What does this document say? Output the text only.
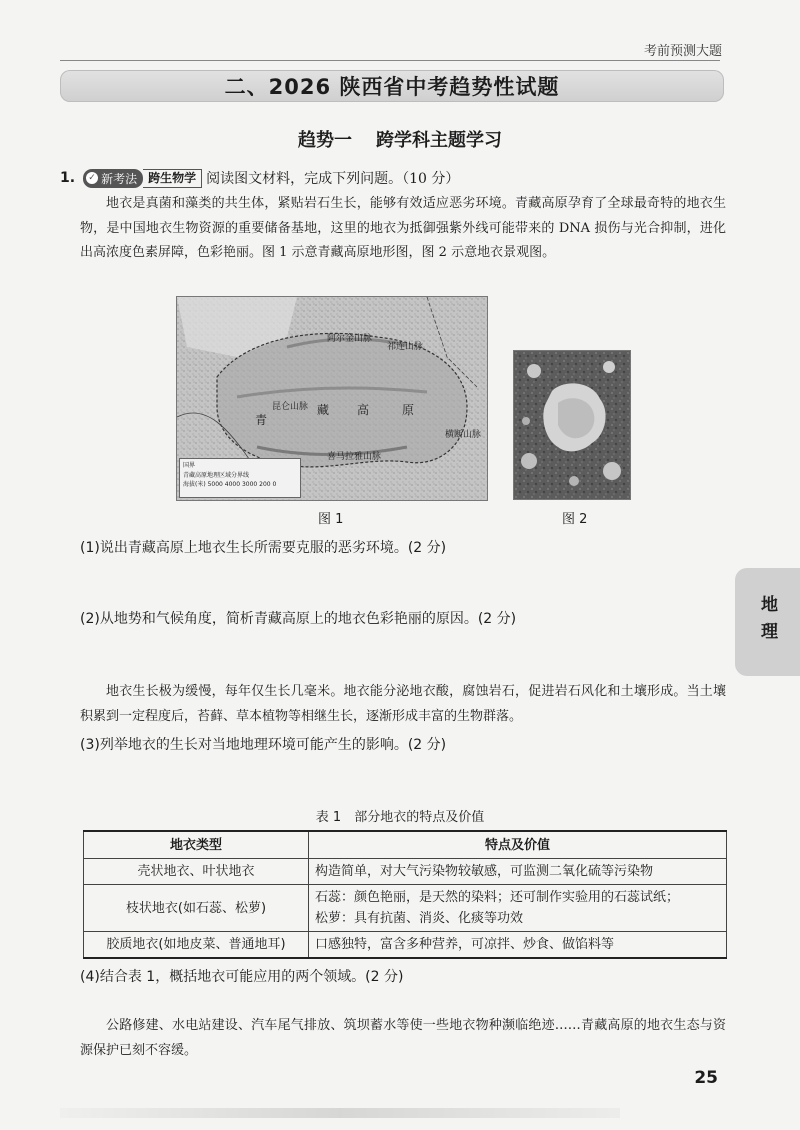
考前预测大题
二、2026 陕西省中考趋势性试题
趋势一 跨学科主题学习
1. ✓ 新考法 跨生物学 阅读图文材料，完成下列问题。（10 分）
地衣是真菌和藻类的共生体，紧贴岩石生长，能够有效适应恶劣环境。青藏高原孕育了全球最奇特的地衣生物，是中国地衣生物资源的重要储备基地，这里的地衣为抵御强紫外线可能带来的 DNA 损伤与光合抑制，进化出高浓度色素屏障，色彩艳丽。图 1 示意青藏高原地形图，图 2 示意地衣景观图。
阿尔金山脉
祁连山脉
昆仑山脉
青
藏 高	原
喜马拉雅山脉
横断山脉
国界
青藏高原地理区域分界线
海拔(米) 5000 4000 3000 200 0
图 1	图 2
(1)说出青藏高原上地衣生长所需要克服的恶劣环境。(2 分)
(2)从地势和气候角度，简析青藏高原上的地衣色彩艳丽的原因。(2 分)
地衣生长极为缓慢，每年仅生长几毫米。地衣能分泌地衣酸，腐蚀岩石，促进岩石风化和土壤形成。当土壤积累到一定程度后，苔藓、草本植物等相继生长，逐渐形成丰富的生物群落。
(3)列举地衣的生长对当地地理环境可能产生的影响。(2 分)
表 1　部分地衣的特点及价值
地衣类型	特点及价值
壳状地衣、叶状地衣	构造简单，对大气污染物较敏感，可监测二氧化硫等污染物

枝状地衣(如石蕊、松萝)	石蕊：颜色艳丽，是天然的染料；还可制作实验用的石蕊试纸；
松萝：具有抗菌、消炎、化痰等功效

胶质地衣(如地皮菜、普通地耳)	口感独特，富含多种营养，可凉拌、炒食、做馅料等
(4)结合表 1，概括地衣可能应用的两个领域。(2 分)
公路修建、水电站建设、汽车尾气排放、筑坝蓄水等使一些地衣物种濒临绝迹……青藏高原的地衣生态与资源保护已刻不容缓。
地理
25
